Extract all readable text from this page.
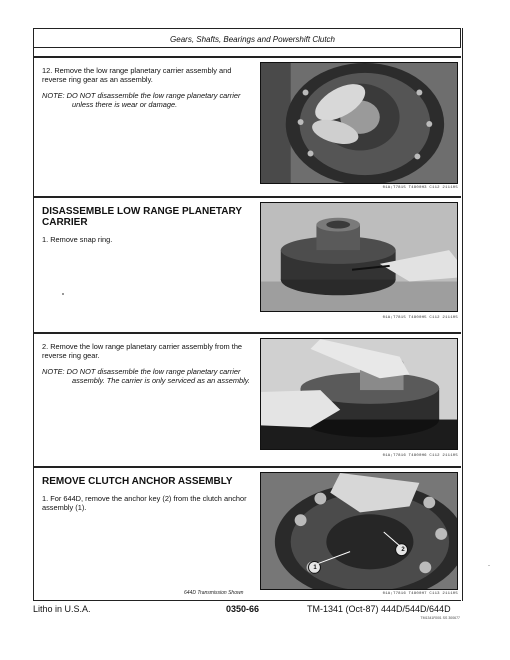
Gears, Shafts, Bearings and Powershift Clutch

12. Remove the low range planetary carrier assembly and reverse ring gear as an assembly.

NOTE: DO NOT disassemble the low range planetary carrier
unless there is wear or damage.

01A;T7815 T4800H3 C112 211105
DISASSEMBLE LOW RANGE PLANETARY CARRIER

1. Remove snap ring.

01A;T7815 T4800H5 C112 211105

2. Remove the low range planetary carrier assembly from the reverse ring gear.

NOTE: DO NOT disassemble the low range planetary carrier
assembly. The carrier is only serviced as an assembly.

01A;T7816 T4800H6 C112 211105
REMOVE CLUTCH ANCHOR ASSEMBLY

1. For 644D, remove the anchor key (2) from the clutch anchor assembly (1).

644D Transmission Shown
2
1
01A;T7816 T4800H7 C113 211105
Litho in U.S.A.	0350-66	TM-1341 (Oct-87) 444D/544D/644D
TM1341R001 SS 300677
-
